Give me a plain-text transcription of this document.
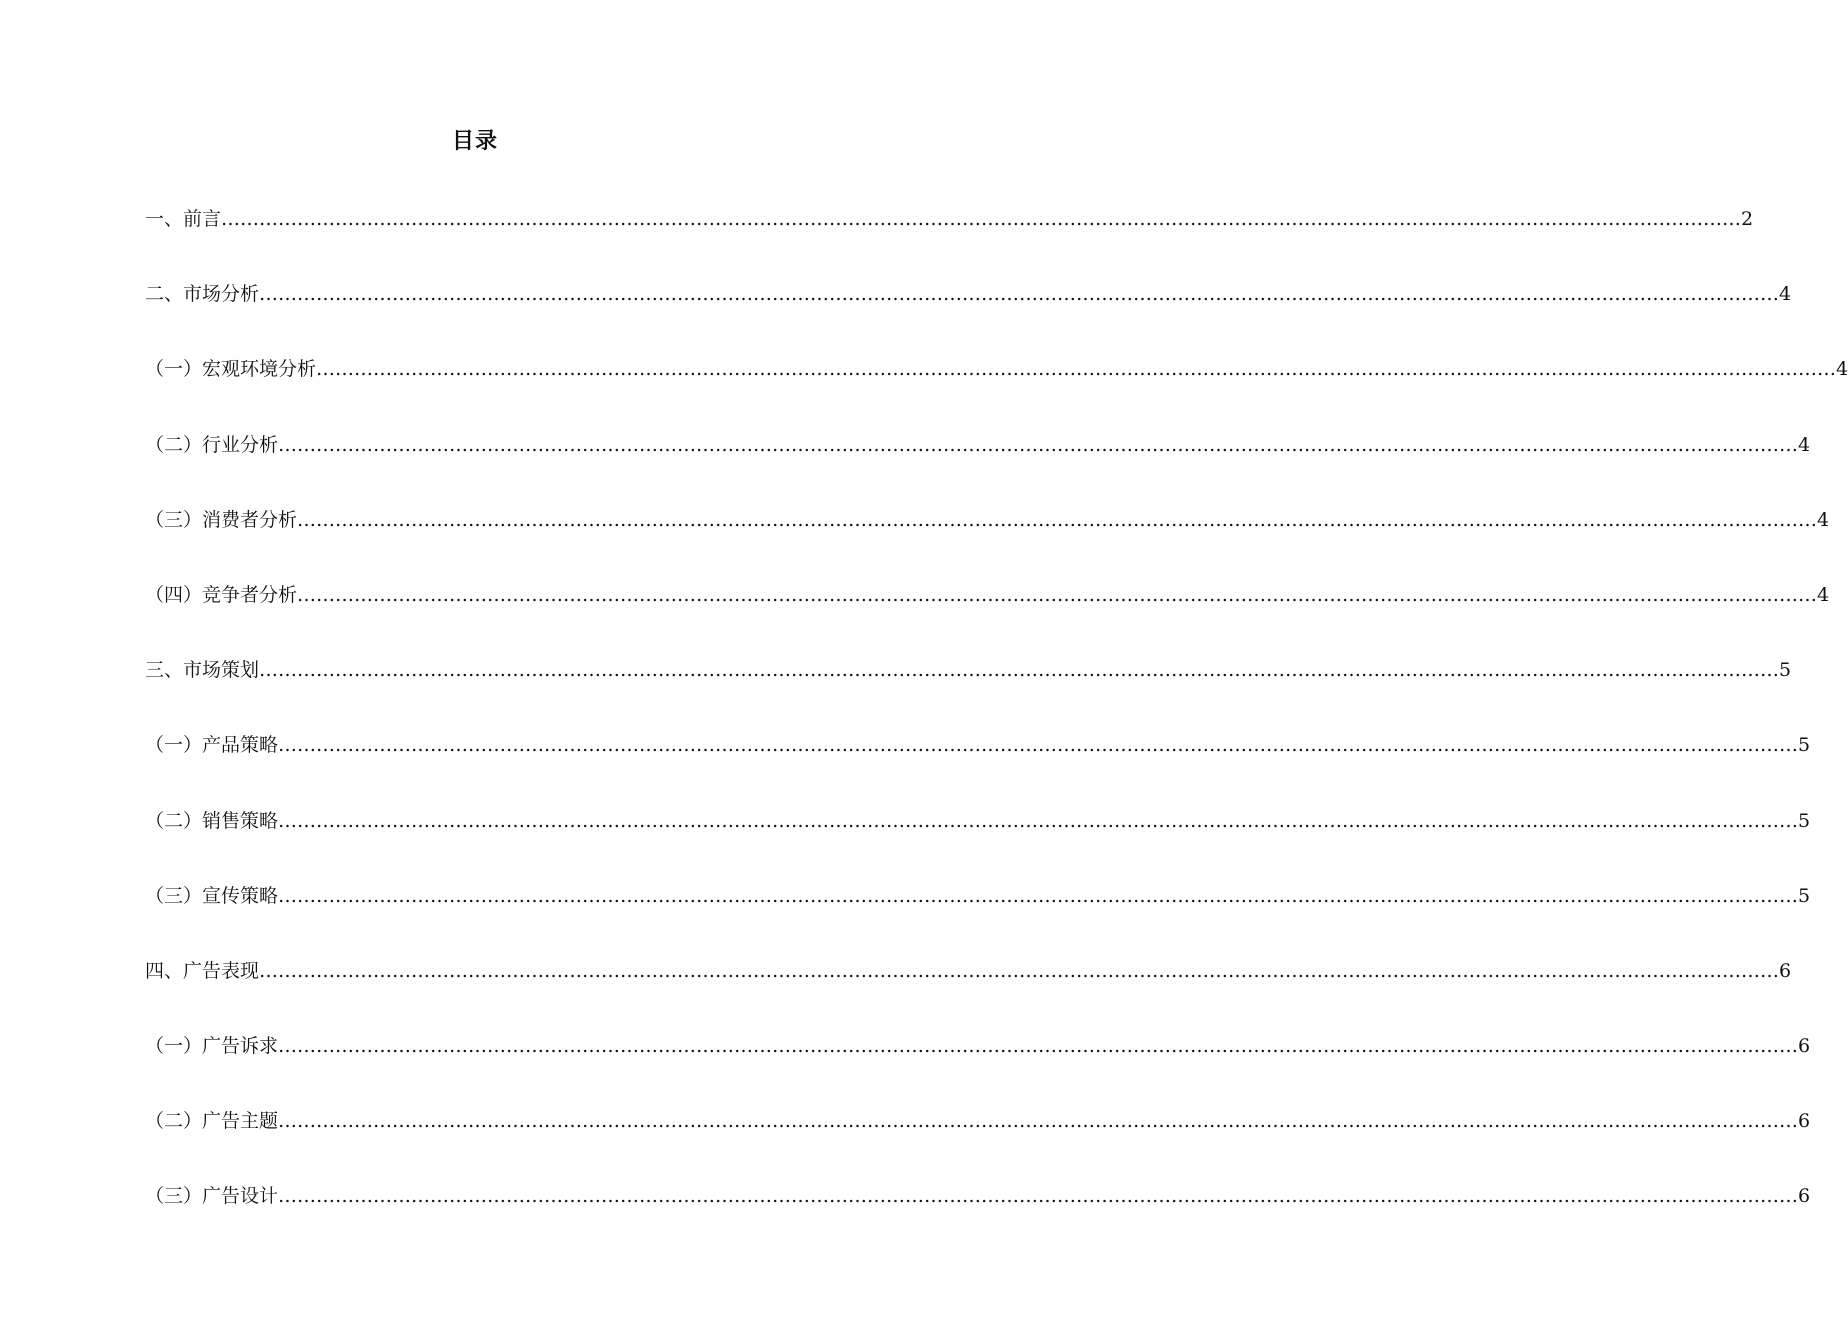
目录
一、前言 …………………………………………………………………………………………………………………………………………………………………………………………………………………… 2
二、市场分析 …………………………………………………………………………………………………………………………………………………………………………………………………………………… 4
（一）宏观环境分析 …………………………………………………………………………………………………………………………………………………………………………………………………………………… 4
（二）行业分析 …………………………………………………………………………………………………………………………………………………………………………………………………………………… 4
（三）消费者分析 …………………………………………………………………………………………………………………………………………………………………………………………………………………… 4
（四）竞争者分析 …………………………………………………………………………………………………………………………………………………………………………………………………………………… 4
三、市场策划 …………………………………………………………………………………………………………………………………………………………………………………………………………………… 5
（一）产品策略 …………………………………………………………………………………………………………………………………………………………………………………………………………………… 5
（二）销售策略 …………………………………………………………………………………………………………………………………………………………………………………………………………………… 5
（三）宣传策略 …………………………………………………………………………………………………………………………………………………………………………………………………………………… 5
四、广告表现 …………………………………………………………………………………………………………………………………………………………………………………………………………………… 6
（一）广告诉求 …………………………………………………………………………………………………………………………………………………………………………………………………………………… 6
（二）广告主题 …………………………………………………………………………………………………………………………………………………………………………………………………………………… 6
（三）广告设计 …………………………………………………………………………………………………………………………………………………………………………………………………………………… 6
